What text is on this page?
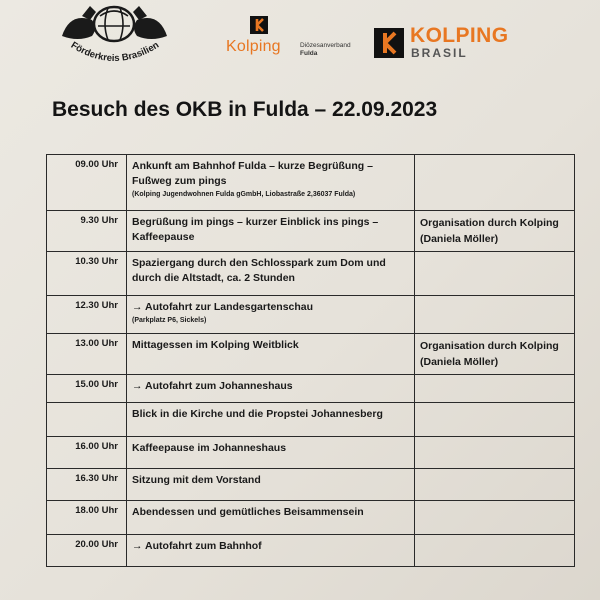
Förderkreis Brasilien	Kolping	Diözesanverband
Fulda
KOLPING
BRASIL
Besuch des OKB in Fulda – 22.09.2023
09.00 Uhr	Ankunft am Bahnhof Fulda – kurze Begrüßung – Fußweg zum pings
(Kolping Jugendwohnen Fulda gGmbH, Liobastraße 2,36037 Fulda)	

9.30 Uhr	Begrüßung im pings – kurzer Einblick ins pings – Kaffeepause	Organisation durch Kolping (Daniela Möller)
10.30 Uhr	Spaziergang durch den Schlosspark zum Dom und durch die Altstadt, ca. 2 Stunden	

12.30 Uhr	→ Autofahrt zur Landesgartenschau
(Parkplatz P6, Sickels)	

13.00 Uhr	Mittagessen im Kolping Weitblick	Organisation durch Kolping (Daniela Möller)
15.00 Uhr	→ Autofahrt zum Johanneshaus	

	Blick in die Kirche und die Propstei Johannesberg	

16.00 Uhr	Kaffeepause im Johanneshaus	

16.30 Uhr	Sitzung mit dem Vorstand	

18.00 Uhr	Abendessen und gemütliches Beisammensein	

20.00 Uhr	→ Autofahrt zum Bahnhof	
